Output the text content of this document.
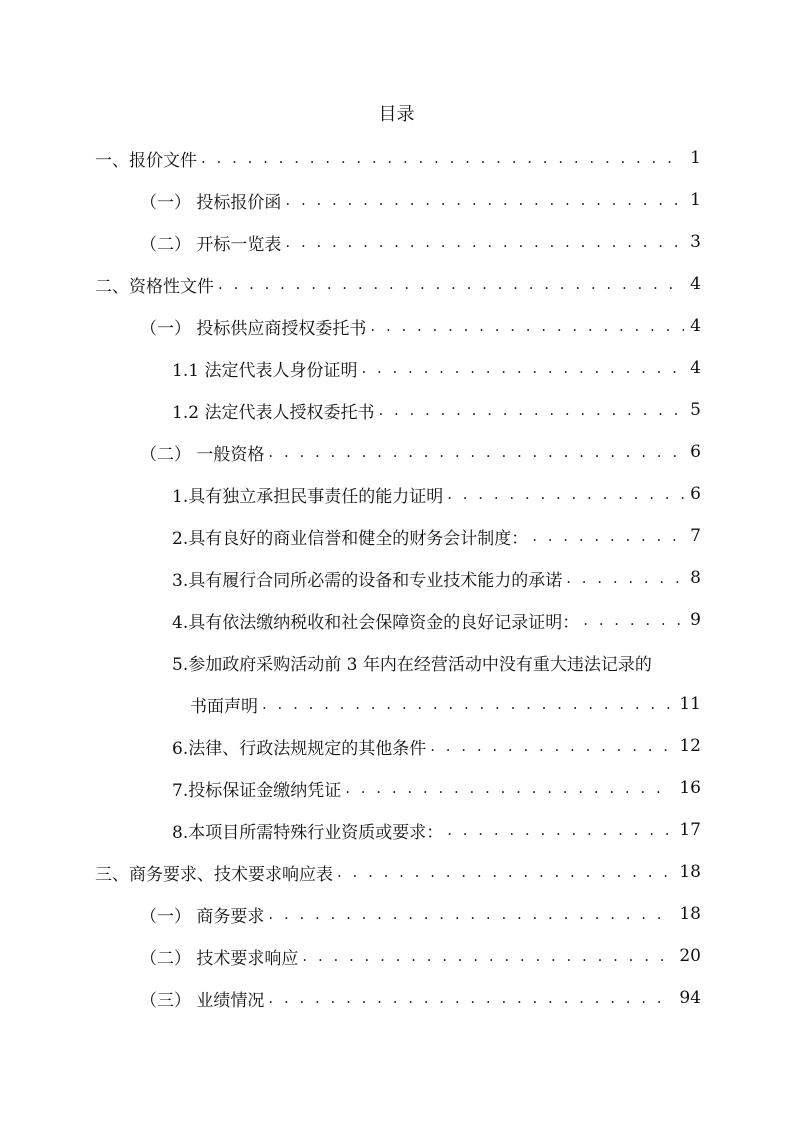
目录
一、报价文件 . . .	1
（一） 投标报价函 . . .	1
（二） 开标一览表 . . .	3
二、资格性文件 . . .	4
（一） 投标供应商授权委托书 . . .	4
1.1 法定代表人身份证明 . . .	4
1.2 法定代表人授权委托书 . . .	5
（二） 一般资格 . . .	6
1.具有独立承担民事责任的能力证明 . . .	6
2.具有良好的商业信誉和健全的财务会计制度： . . .	7
3.具有履行合同所必需的设备和专业技术能力的承诺 . . .	8
4.具有依法缴纳税收和社会保障资金的良好记录证明： . . .	9
5.参加政府采购活动前 3 年内在经营活动中没有重大违法记录的
书面声明 . . .	11
6.法律、行政法规规定的其他条件 . . .	12
7.投标保证金缴纳凭证 . . .	16
8.本项目所需特殊行业资质或要求： . . .	17
三、商务要求、技术要求响应表 . . .	18
（一） 商务要求 . . .	18
（二） 技术要求响应 . . .	20
（三） 业绩情况 . . .	94
